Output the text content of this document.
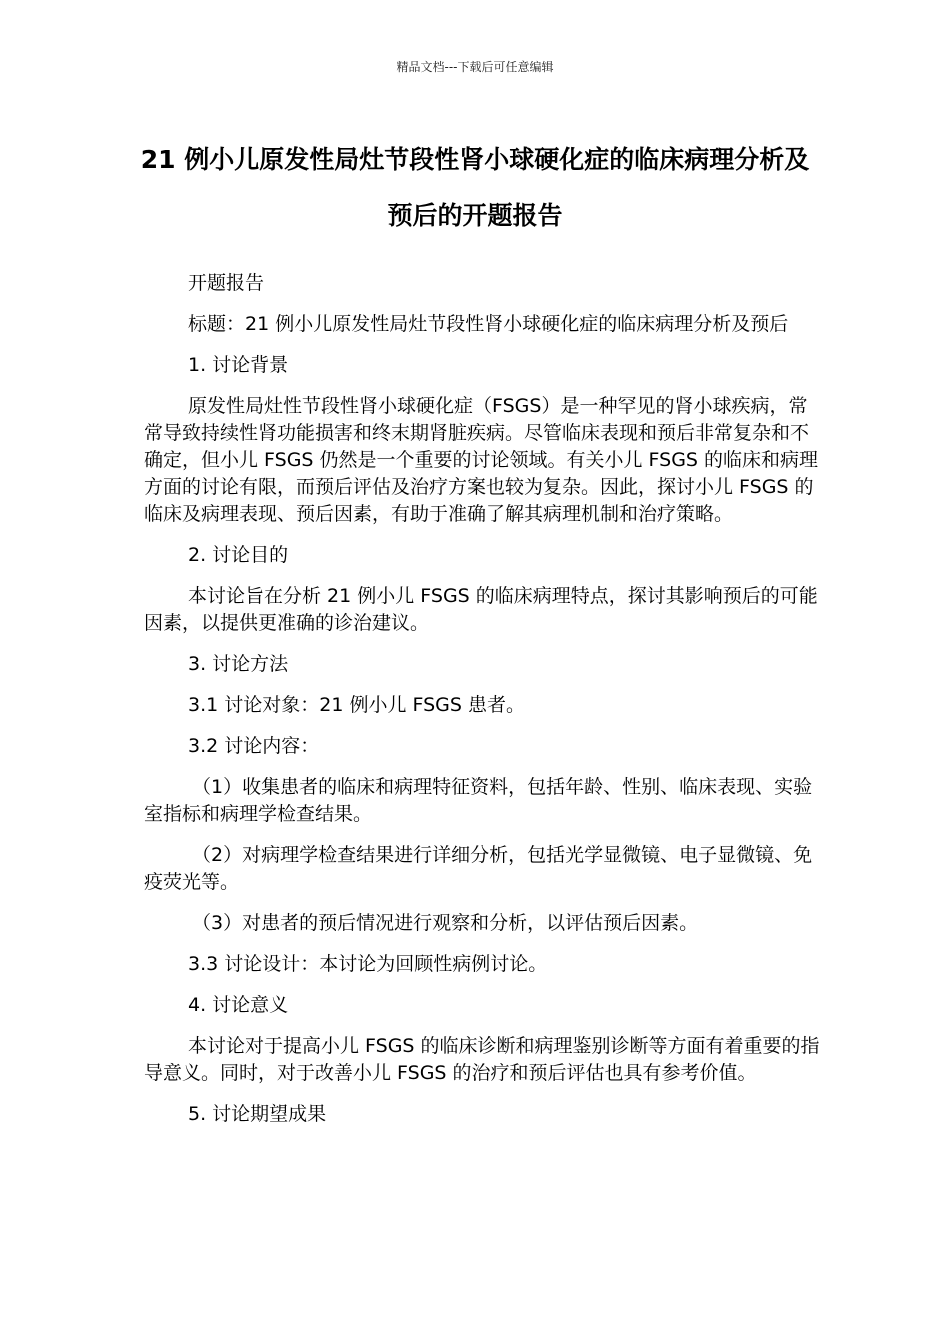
精品文档---下载后可任意编辑
21 例小儿原发性局灶节段性肾小球硬化症的临床病理分析及预后的开题报告

开题报告

标题：21 例小儿原发性局灶节段性肾小球硬化症的临床病理分析及预后

1. 讨论背景

原发性局灶性节段性肾小球硬化症（FSGS）是一种罕见的肾小球疾病，常常导致持续性肾功能损害和终末期肾脏疾病。尽管临床表现和预后非常复杂和不确定，但小儿 FSGS 仍然是一个重要的讨论领域。有关小儿 FSGS 的临床和病理方面的讨论有限，而预后评估及治疗方案也较为复杂。因此，探讨小儿 FSGS 的临床及病理表现、预后因素，有助于准确了解其病理机制和治疗策略。

2. 讨论目的

本讨论旨在分析 21 例小儿 FSGS 的临床病理特点，探讨其影响预后的可能因素，以提供更准确的诊治建议。

3. 讨论方法

3.1 讨论对象：21 例小儿 FSGS 患者。

3.2 讨论内容：

（1）收集患者的临床和病理特征资料，包括年龄、性别、临床表现、实验室指标和病理学检查结果。

（2）对病理学检查结果进行详细分析，包括光学显微镜、电子显微镜、免疫荧光等。

（3）对患者的预后情况进行观察和分析，以评估预后因素。

3.3 讨论设计：本讨论为回顾性病例讨论。

4. 讨论意义

本讨论对于提高小儿 FSGS 的临床诊断和病理鉴别诊断等方面有着重要的指导意义。同时，对于改善小儿 FSGS 的治疗和预后评估也具有参考价值。

5. 讨论期望成果
